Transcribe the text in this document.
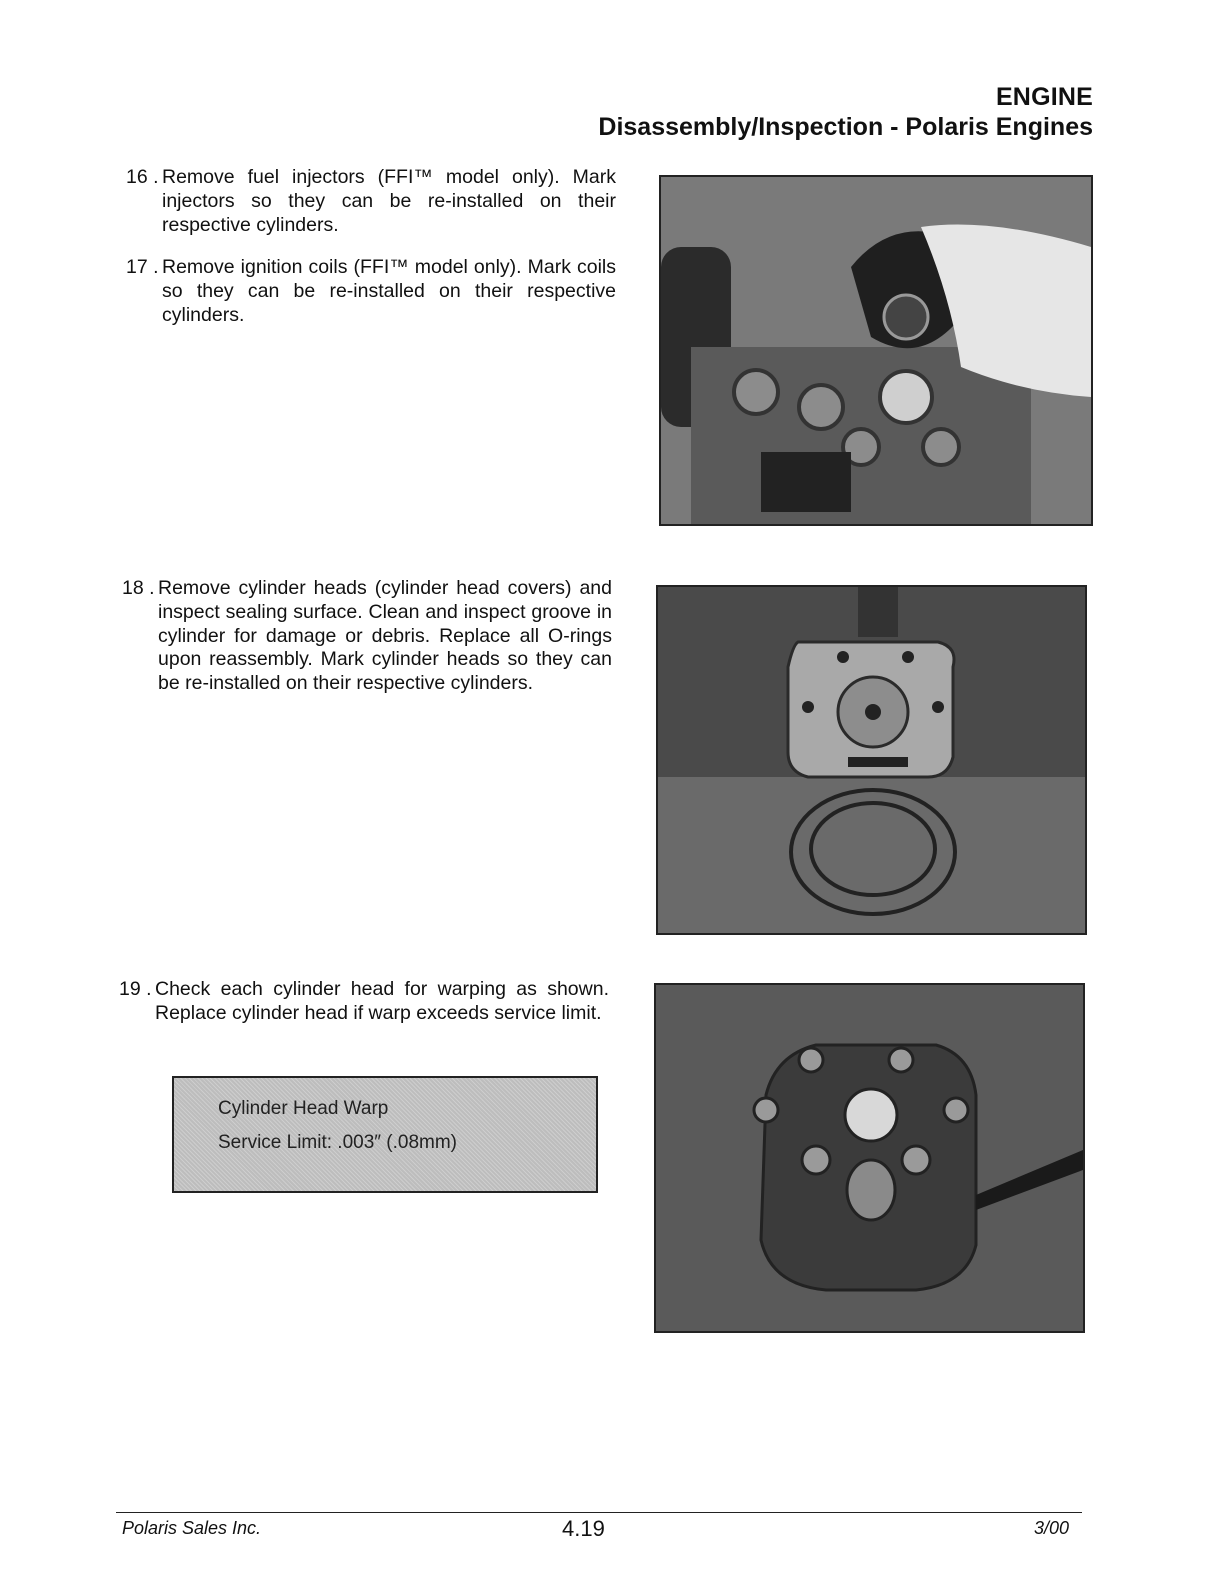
ENGINE
Disassembly/Inspection - Polaris Engines
16 . Remove fuel injectors (FFI™ model only). Mark injectors so they can be re-installed on their respective cylinders.
17 . Remove ignition coils (FFI™ model only). Mark coils so they can be re-installed on their respective cylinders.
18 . Remove cylinder heads (cylinder head covers) and inspect sealing surface. Clean and inspect groove in cylinder for damage or debris. Replace all O-rings upon reassembly. Mark cylinder heads so they can be re-installed on their respective cylinders.
19 . Check each cylinder head for warping as shown. Replace cylinder head if warp exceeds service limit.
Cylinder Head Warp
Service Limit: .003″ (.08mm)
Polaris Sales Inc.	4.19	3/00
